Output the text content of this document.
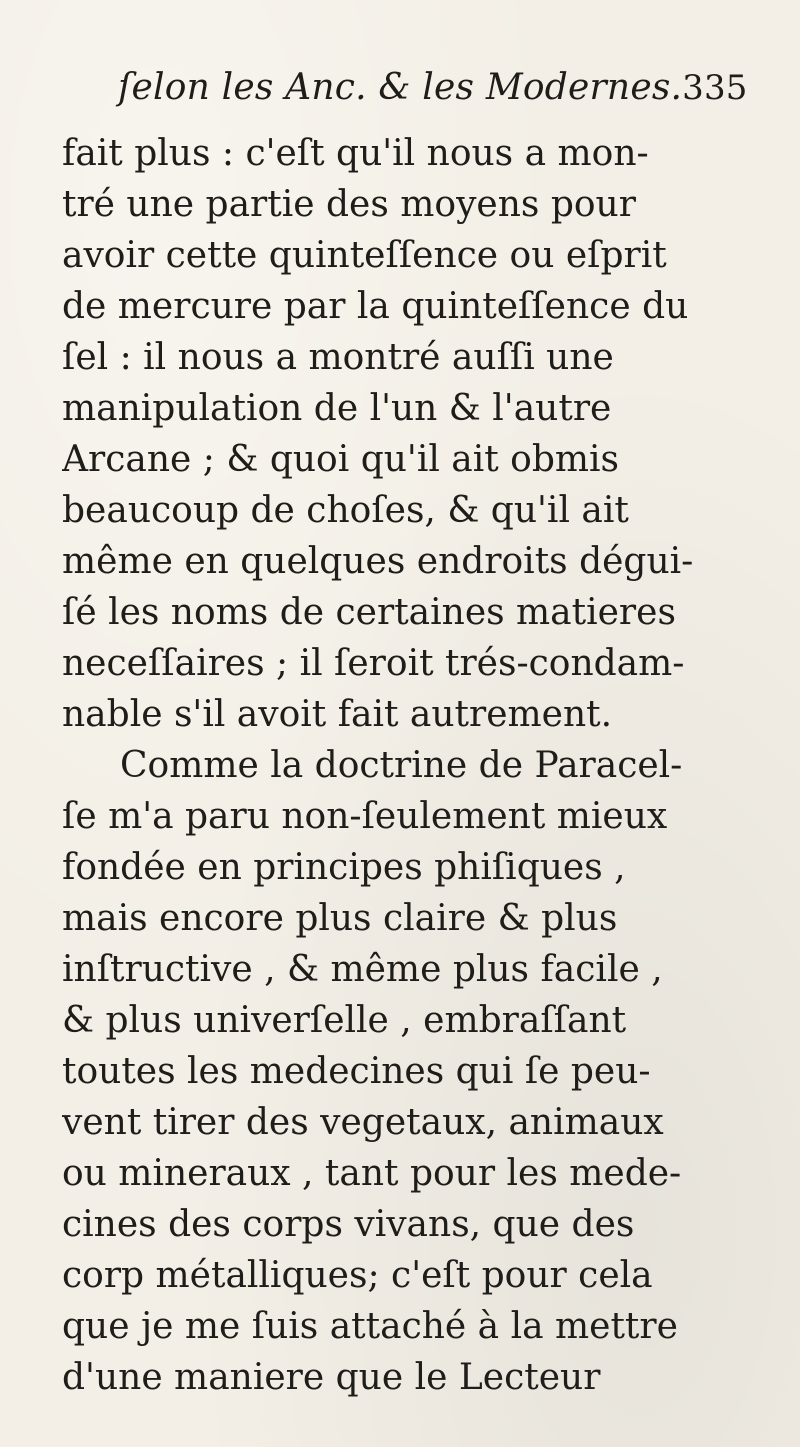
ſelon les Anc. & les Modernes. 335
fait plus : c'eſt qu'il nous a mon-
tré une partie des moyens pour
avoir cette quinteſſence ou eſprit
de mercure par la quinteſſence du
ſel : il nous a montré auſſi une
manipulation de l'un & l'autre
Arcane ; & quoi qu'il ait obmis
beaucoup de choſes, & qu'il ait
même en quelques endroits dégui-
ſé les noms de certaines matieres
neceſſaires ; il ſeroit trés-condam-
nable s'il avoit fait autrement.
Comme la doctrine de Paracel-
ſe m'a paru non-ſeulement mieux
fondée en principes phiſiques ,
mais encore plus claire & plus
inſtructive , & même plus facile ,
& plus univerſelle , embraſſant
toutes les medecines qui ſe peu-
vent tirer des vegetaux, animaux
ou mineraux , tant pour les mede-
cines des corps vivans, que des
corp métalliques; c'eſt pour cela
que je me ſuis attaché à la mettre
d'une maniere que le Lecteur
